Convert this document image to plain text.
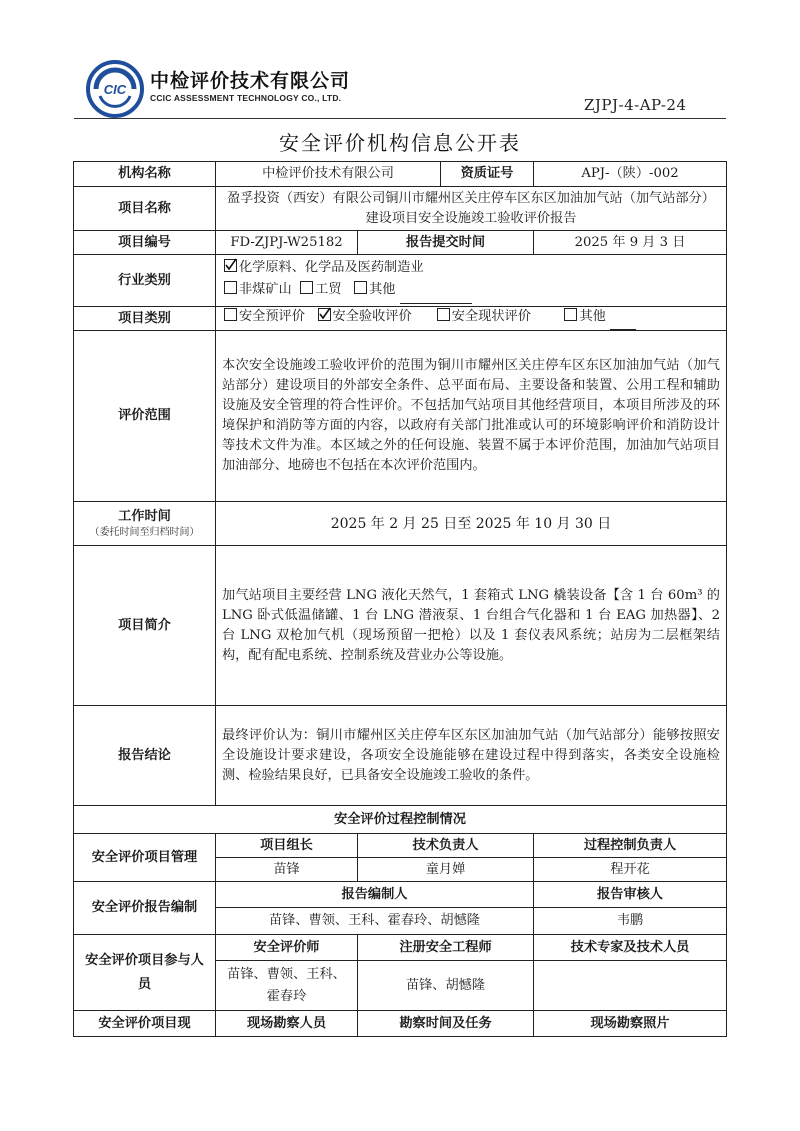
CIC 中检评价技术有限公司
CCIC ASSESSMENT TECHNOLOGY CO., LTD.	ZJPJ-4-AP-24
安全评价机构信息公开表
机构名称	中检评价技术有限公司		资质证号	APJ-（陕）-002
项目名称	盈孚投资（西安）有限公司铜川市耀州区关庄停车区东区加油加气站（加气站部分）建设项目安全设施竣工验收评价报告			
项目编号	FD-ZJPJ-W25182	报告提交时间		2025 年 9 月 3 日
行业类别	化学原料、化学品及医药制造业
非煤矿山 工贸 其他			

项目类别	安全预评价 安全验收评价 安全现状评价 其他			
评价范围	本次安全设施竣工验收评价的范围为铜川市耀州区关庄停车区东区加油加气站（加气站部分）建设项目的外部安全条件、总平面布局、主要设备和装置、公用工程和辅助设施及安全管理的符合性评价。不包括加气站项目其他经营项目，本项目所涉及的环境保护和消防等方面的内容，以政府有关部门批准或认可的环境影响评价和消防设计等技术文件为准。本区域之外的任何设施、装置不属于本评价范围，加油加气站项目加油部分、地磅也不包括在本次评价范围内。			
工作时间
（委托时间至归档时间）	2025 年 2 月 25 日至 2025 年 10 月 30 日			
项目简介	加气站项目主要经营 LNG 液化天然气，1 套箱式 LNG 橇装设备【含 1 台 60m³ 的 LNG 卧式低温储罐、1 台 LNG 潜液泵、1 台组合气化器和 1 台 EAG 加热器】、2 台 LNG 双枪加气机（现场预留一把枪）以及 1 套仪表风系统；站房为二层框架结构，配有配电系统、控制系统及营业办公等设施。			
报告结论	最终评价认为：铜川市耀州区关庄停车区东区加油加气站（加气站部分）能够按照安全设施设计要求建设，各项安全设施能够在建设过程中得到落实，各类安全设施检测、检验结果良好，已具备安全设施竣工验收的条件。			
安全评价过程控制情况				
安全评价项目管理	项目组长	技术负责人		过程控制负责人
	苗锋	童月婵		程开花
安全评价报告编制	报告编制人			报告审核人
	苗锋、曹领、王科、霍春玲、胡憾隆			韦鹏
安全评价项目参与人员	安全评价师	注册安全工程师		技术专家及技术人员
	苗锋、曹领、王科、霍春玲	苗锋、胡憾隆		
安全评价项目现	现场勘察人员	勘察时间及任务		现场勘察照片
